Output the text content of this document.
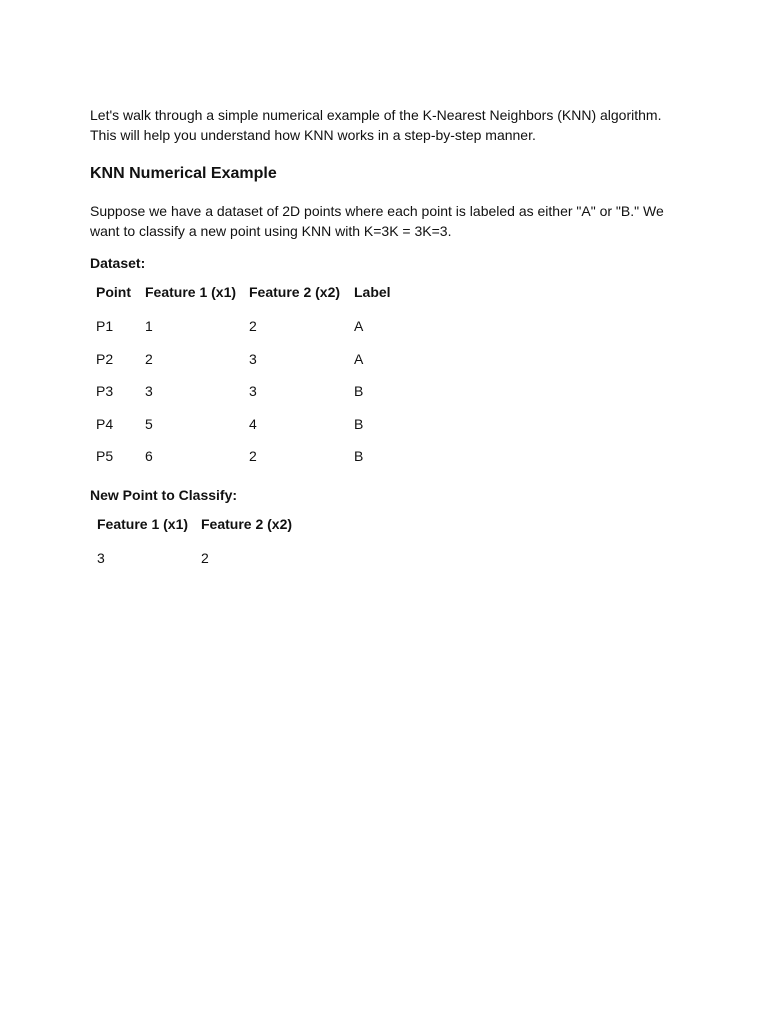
Let's walk through a simple numerical example of the K-Nearest Neighbors (KNN) algorithm.
This will help you understand how KNN works in a step-by-step manner.

KNN Numerical Example

Suppose we have a dataset of 2D points where each point is labeled as either "A" or "B." We
want to classify a new point using KNN with K=3K = 3K=3.

Dataset:

Point	Feature 1 (x1)	Feature 2 (x2)	Label
P1	1	2	A
P2	2	3	A
P3	3	3	B
P4	5	4	B
P5	6	2	B

New Point to Classify:

Feature 1 (x1)	Feature 2 (x2)
3	2
